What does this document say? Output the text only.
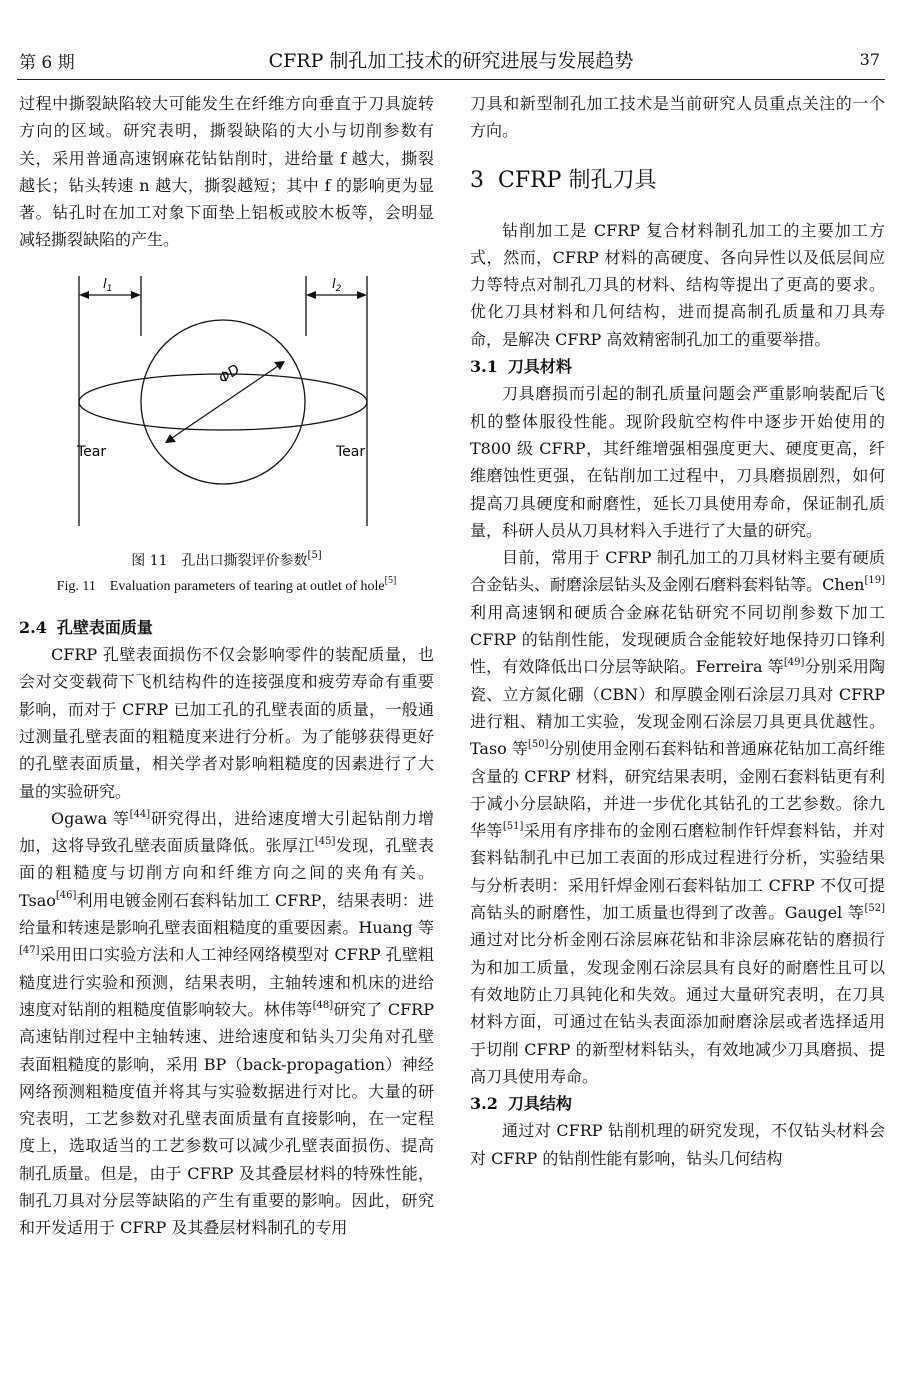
第 6 期	CFRP 制孔加工技术的研究进展与发展趋势	37

过程中撕裂缺陷较大可能发生在纤维方向垂直于刀具旋转方向的区域。研究表明，撕裂缺陷的大小与切削参数有关，采用普通高速钢麻花钻钻削时，进给量 f 越大，撕裂越长；钻头转速 n 越大，撕裂越短；其中 f 的影响更为显著。钻孔时在加工对象下面垫上铝板或胶木板等，会明显减轻撕裂缺陷的产生。

$l_1$	$l_2$
ΦD
Tear	Tear

图 11　孔出口撕裂评价参数[5]

Fig. 11　Evaluation parameters of tearing at outlet of hole[5]

2.4 孔壁表面质量

CFRP 孔壁表面损伤不仅会影响零件的装配质量，也会对交变载荷下飞机结构件的连接强度和疲劳寿命有重要影响，而对于 CFRP 已加工孔的孔壁表面的质量，一般通过测量孔壁表面的粗糙度来进行分析。为了能够获得更好的孔壁表面质量，相关学者对影响粗糙度的因素进行了大量的实验研究。

Ogawa 等[44]研究得出，进给速度增大引起钻削力增加，这将导致孔壁表面质量降低。张厚江[45]发现，孔壁表面的粗糙度与切削方向和纤维方向之间的夹角有关。Tsao[46]利用电镀金刚石套料钻加工 CFRP，结果表明：进给量和转速是影响孔壁表面粗糙度的重要因素。Huang 等[47]采用田口实验方法和人工神经网络模型对 CFRP 孔壁粗糙度进行实验和预测，结果表明，主轴转速和机床的进给速度对钻削的粗糙度值影响较大。林伟等[48]研究了 CFRP 高速钻削过程中主轴转速、进给速度和钻头刀尖角对孔壁表面粗糙度的影响，采用 BP（back-propagation）神经网络预测粗糙度值并将其与实验数据进行对比。大量的研究表明，工艺参数对孔壁表面质量有直接影响，在一定程度上，选取适当的工艺参数可以减少孔壁表面损伤、提高制孔质量。但是，由于 CFRP 及其叠层材料的特殊性能，制孔刀具对分层等缺陷的产生有重要的影响。因此，研究和开发适用于 CFRP 及其叠层材料制孔的专用

刀具和新型制孔加工技术是当前研究人员重点关注的一个方向。

3 CFRP 制孔刀具

钻削加工是 CFRP 复合材料制孔加工的主要加工方式，然而，CFRP 材料的高硬度、各向异性以及低层间应力等特点对制孔刀具的材料、结构等提出了更高的要求。优化刀具材料和几何结构，进而提高制孔质量和刀具寿命，是解决 CFRP 高效精密制孔加工的重要举措。

3.1 刀具材料

刀具磨损而引起的制孔质量问题会严重影响装配后飞机的整体服役性能。现阶段航空构件中逐步开始使用的 T800 级 CFRP，其纤维增强相强度更大、硬度更高，纤维磨蚀性更强，在钻削加工过程中，刀具磨损剧烈，如何提高刀具硬度和耐磨性，延长刀具使用寿命，保证制孔质量，科研人员从刀具材料入手进行了大量的研究。

目前，常用于 CFRP 制孔加工的刀具材料主要有硬质合金钻头、耐磨涂层钻头及金刚石磨料套料钻等。Chen[19]利用高速钢和硬质合金麻花钻研究不同切削参数下加工 CFRP 的钻削性能，发现硬质合金能较好地保持刃口锋利性，有效降低出口分层等缺陷。Ferreira 等[49]分别采用陶瓷、立方氮化硼（CBN）和厚膜金刚石涂层刀具对 CFRP 进行粗、精加工实验，发现金刚石涂层刀具更具优越性。Taso 等[50]分别使用金刚石套料钻和普通麻花钻加工高纤维含量的 CFRP 材料，研究结果表明，金刚石套料钻更有利于减小分层缺陷，并进一步优化其钻孔的工艺参数。徐九华等[51]采用有序排布的金刚石磨粒制作钎焊套料钻，并对套料钻制孔中已加工表面的形成过程进行分析，实验结果与分析表明：采用钎焊金刚石套料钻加工 CFRP 不仅可提高钻头的耐磨性，加工质量也得到了改善。Gaugel 等[52]通过对比分析金刚石涂层麻花钻和非涂层麻花钻的磨损行为和加工质量，发现金刚石涂层具有良好的耐磨性且可以有效地防止刀具钝化和失效。通过大量研究表明，在刀具材料方面，可通过在钻头表面添加耐磨涂层或者选择适用于切削 CFRP 的新型材料钻头，有效地减少刀具磨损、提高刀具使用寿命。

3.2 刀具结构

通过对 CFRP 钻削机理的研究发现，不仅钻头材料会对 CFRP 的钻削性能有影响，钻头几何结构
